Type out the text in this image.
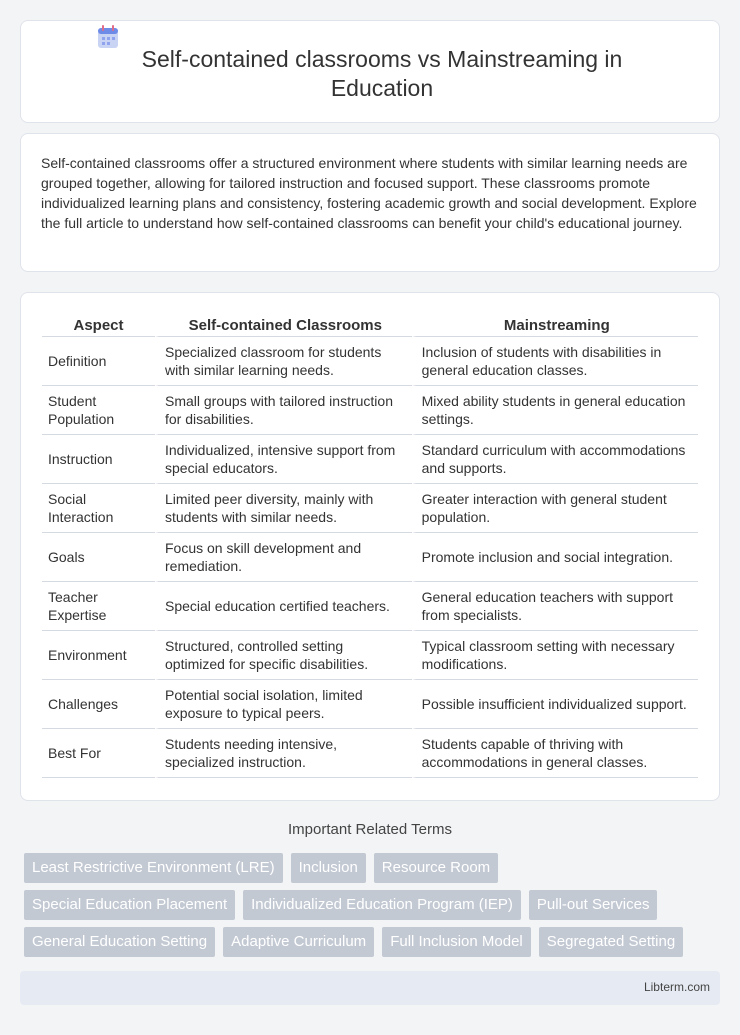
Self-contained classrooms vs Mainstreaming in Education

Self-contained classrooms offer a structured environment where students with similar learning needs are grouped together, allowing for tailored instruction and focused support. These classrooms promote individualized learning plans and consistency, fostering academic growth and social development. Explore the full article to understand how self-contained classrooms can benefit your child's educational journey.

Aspect	Self-contained Classrooms	Mainstreaming
Definition	Specialized classroom for students with similar learning needs.	Inclusion of students with disabilities in general education classes.
Student Population	Small groups with tailored instruction for disabilities.	Mixed ability students in general education settings.
Instruction	Individualized, intensive support from special educators.	Standard curriculum with accommodations and supports.
Social Interaction	Limited peer diversity, mainly with students with similar needs.	Greater interaction with general student population.
Goals	Focus on skill development and remediation.	Promote inclusion and social integration.
Teacher Expertise	Special education certified teachers.	General education teachers with support from specialists.
Environment	Structured, controlled setting optimized for specific disabilities.	Typical classroom setting with necessary modifications.
Challenges	Potential social isolation, limited exposure to typical peers.	Possible insufficient individualized support.
Best For	Students needing intensive, specialized instruction.	Students capable of thriving with accommodations in general classes.
Important Related Terms
Least Restrictive Environment (LRE)	Inclusion	Resource Room
Special Education Placement	Individualized Education Program (IEP)	Pull-out Services
General Education Setting	Adaptive Curriculum	Full Inclusion Model	Segregated Setting
Libterm.com
